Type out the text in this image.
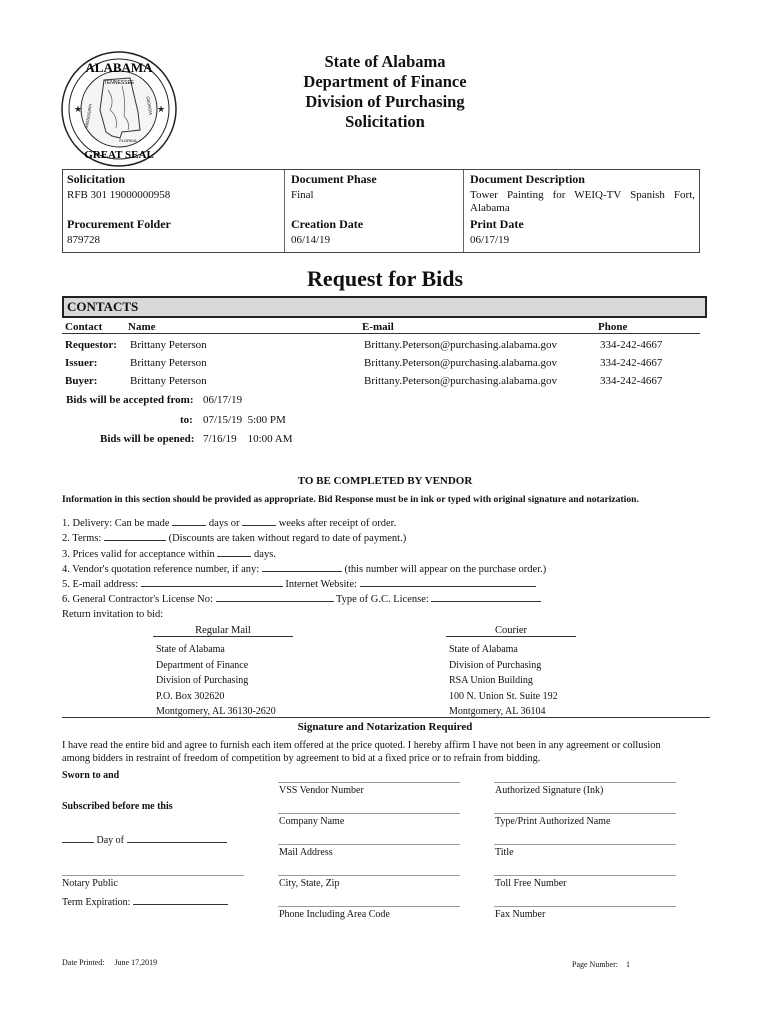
★	★
ALABAMA
GREAT SEAL
TENNESSEE
MISSISSIPPI	GEORGIA
FLORIDA
State of Alabama
Department of Finance
Division of Purchasing
Solicitation
Solicitation
RFB 301 19000000958
Document Phase
Final
Document Description
Tower Painting for WEIQ-TV Spanish Fort,
Alabama
Procurement Folder
879728
Creation Date
06/14/19
Print Date
06/17/19
Request for Bids
CONTACTS
Contact Name	E-mail	Phone
Requestor: Brittany Peterson	Brittany.Peterson@purchasing.alabama.gov	334-242-4667
Issuer:	Brittany Peterson	Brittany.Peterson@purchasing.alabama.gov	334-242-4667
Buyer:	Brittany Peterson	Brittany.Peterson@purchasing.alabama.gov	334-242-4667
Bids will be accepted from: 06/17/19
to: 07/15/19  5:00 PM
Bids will be opened: 7/16/19    10:00 AM
TO BE COMPLETED BY VENDOR
Information in this section should be provided as appropriate. Bid Response must be in ink or typed with original signature and notarization.
1. Delivery: Can be made	days or	weeks after receipt of order.
2. Terms:	(Discounts are taken without regard to date of payment.)
3. Prices valid for acceptance within	days.
4. Vendor's quotation reference number, if any:	(this number will appear on the purchase order.)
5. E-mail address:	Internet Website:
6. General Contractor's License No:	Type of G.C. License:
Return invitation to bid:
Regular Mail
State of Alabama
Department of Finance
Division of Purchasing
P.O. Box 302620
Montgomery, AL 36130-2620
Courier
State of Alabama
Division of Purchasing
RSA Union Building
100 N. Union St. Suite 192
Montgomery, AL 36104
Signature and Notarization Required
I have read the entire bid and agree to furnish each item offered at the price quoted. I hereby affirm I have not been in any agreement or collusion among bidders in restraint of freedom of competition by agreement to bid at a fixed price or to refrain from bidding.
Sworn to and
Subscribed before me this
Day of
Notary Public
Term Expiration:
VSS Vendor Number
Company Name
Mail Address
City, State, Zip
Phone Including Area Code
Authorized Signature (Ink)
Type/Print Authorized Name
Title
Toll Free Number
Fax Number
Date Printed: June 17,2019	Page Number: 1
